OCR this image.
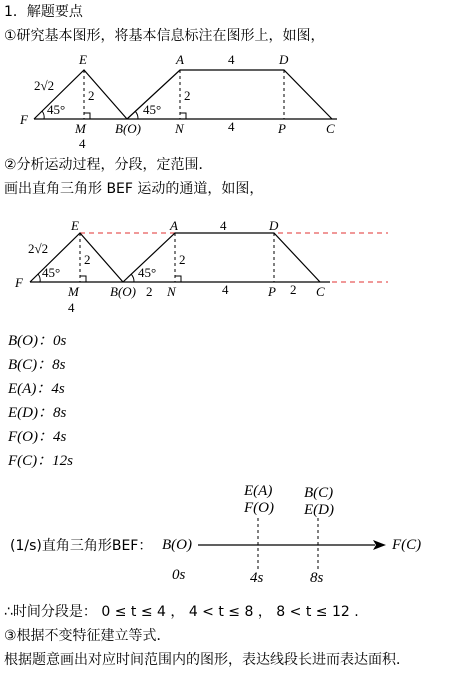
1．解题要点
①研究基本图形，将基本信息标注在图形上，如图，
E	A	D
F
M B(O)	N	P	C
2√2
2	2
45°	45°
4
4
4
②分析运动过程，分段，定范围．
画出直角三角形 BEF 运动的通道，如图，
E	A	D
F
M B(O) N	P	C
2√2
2	2
45°	45°
4
4
2	2
4
B(O)：0s
B(C)：8s
E(A)：4s
E(D)：8s
F(O)：4s
F(C)：12s
(1/s)直角三角形BEF： B(O)	F(C)
E(A)
F(O)
B(C)
E(D)
0s	4s	8s
∴时间分段是： 0 ≤ t ≤ 4 ， 4 < t ≤ 8 ， 8 < t ≤ 12 .
③根据不变特征建立等式．
根据题意画出对应时间范围内的图形，表达线段长进而表达面积．
